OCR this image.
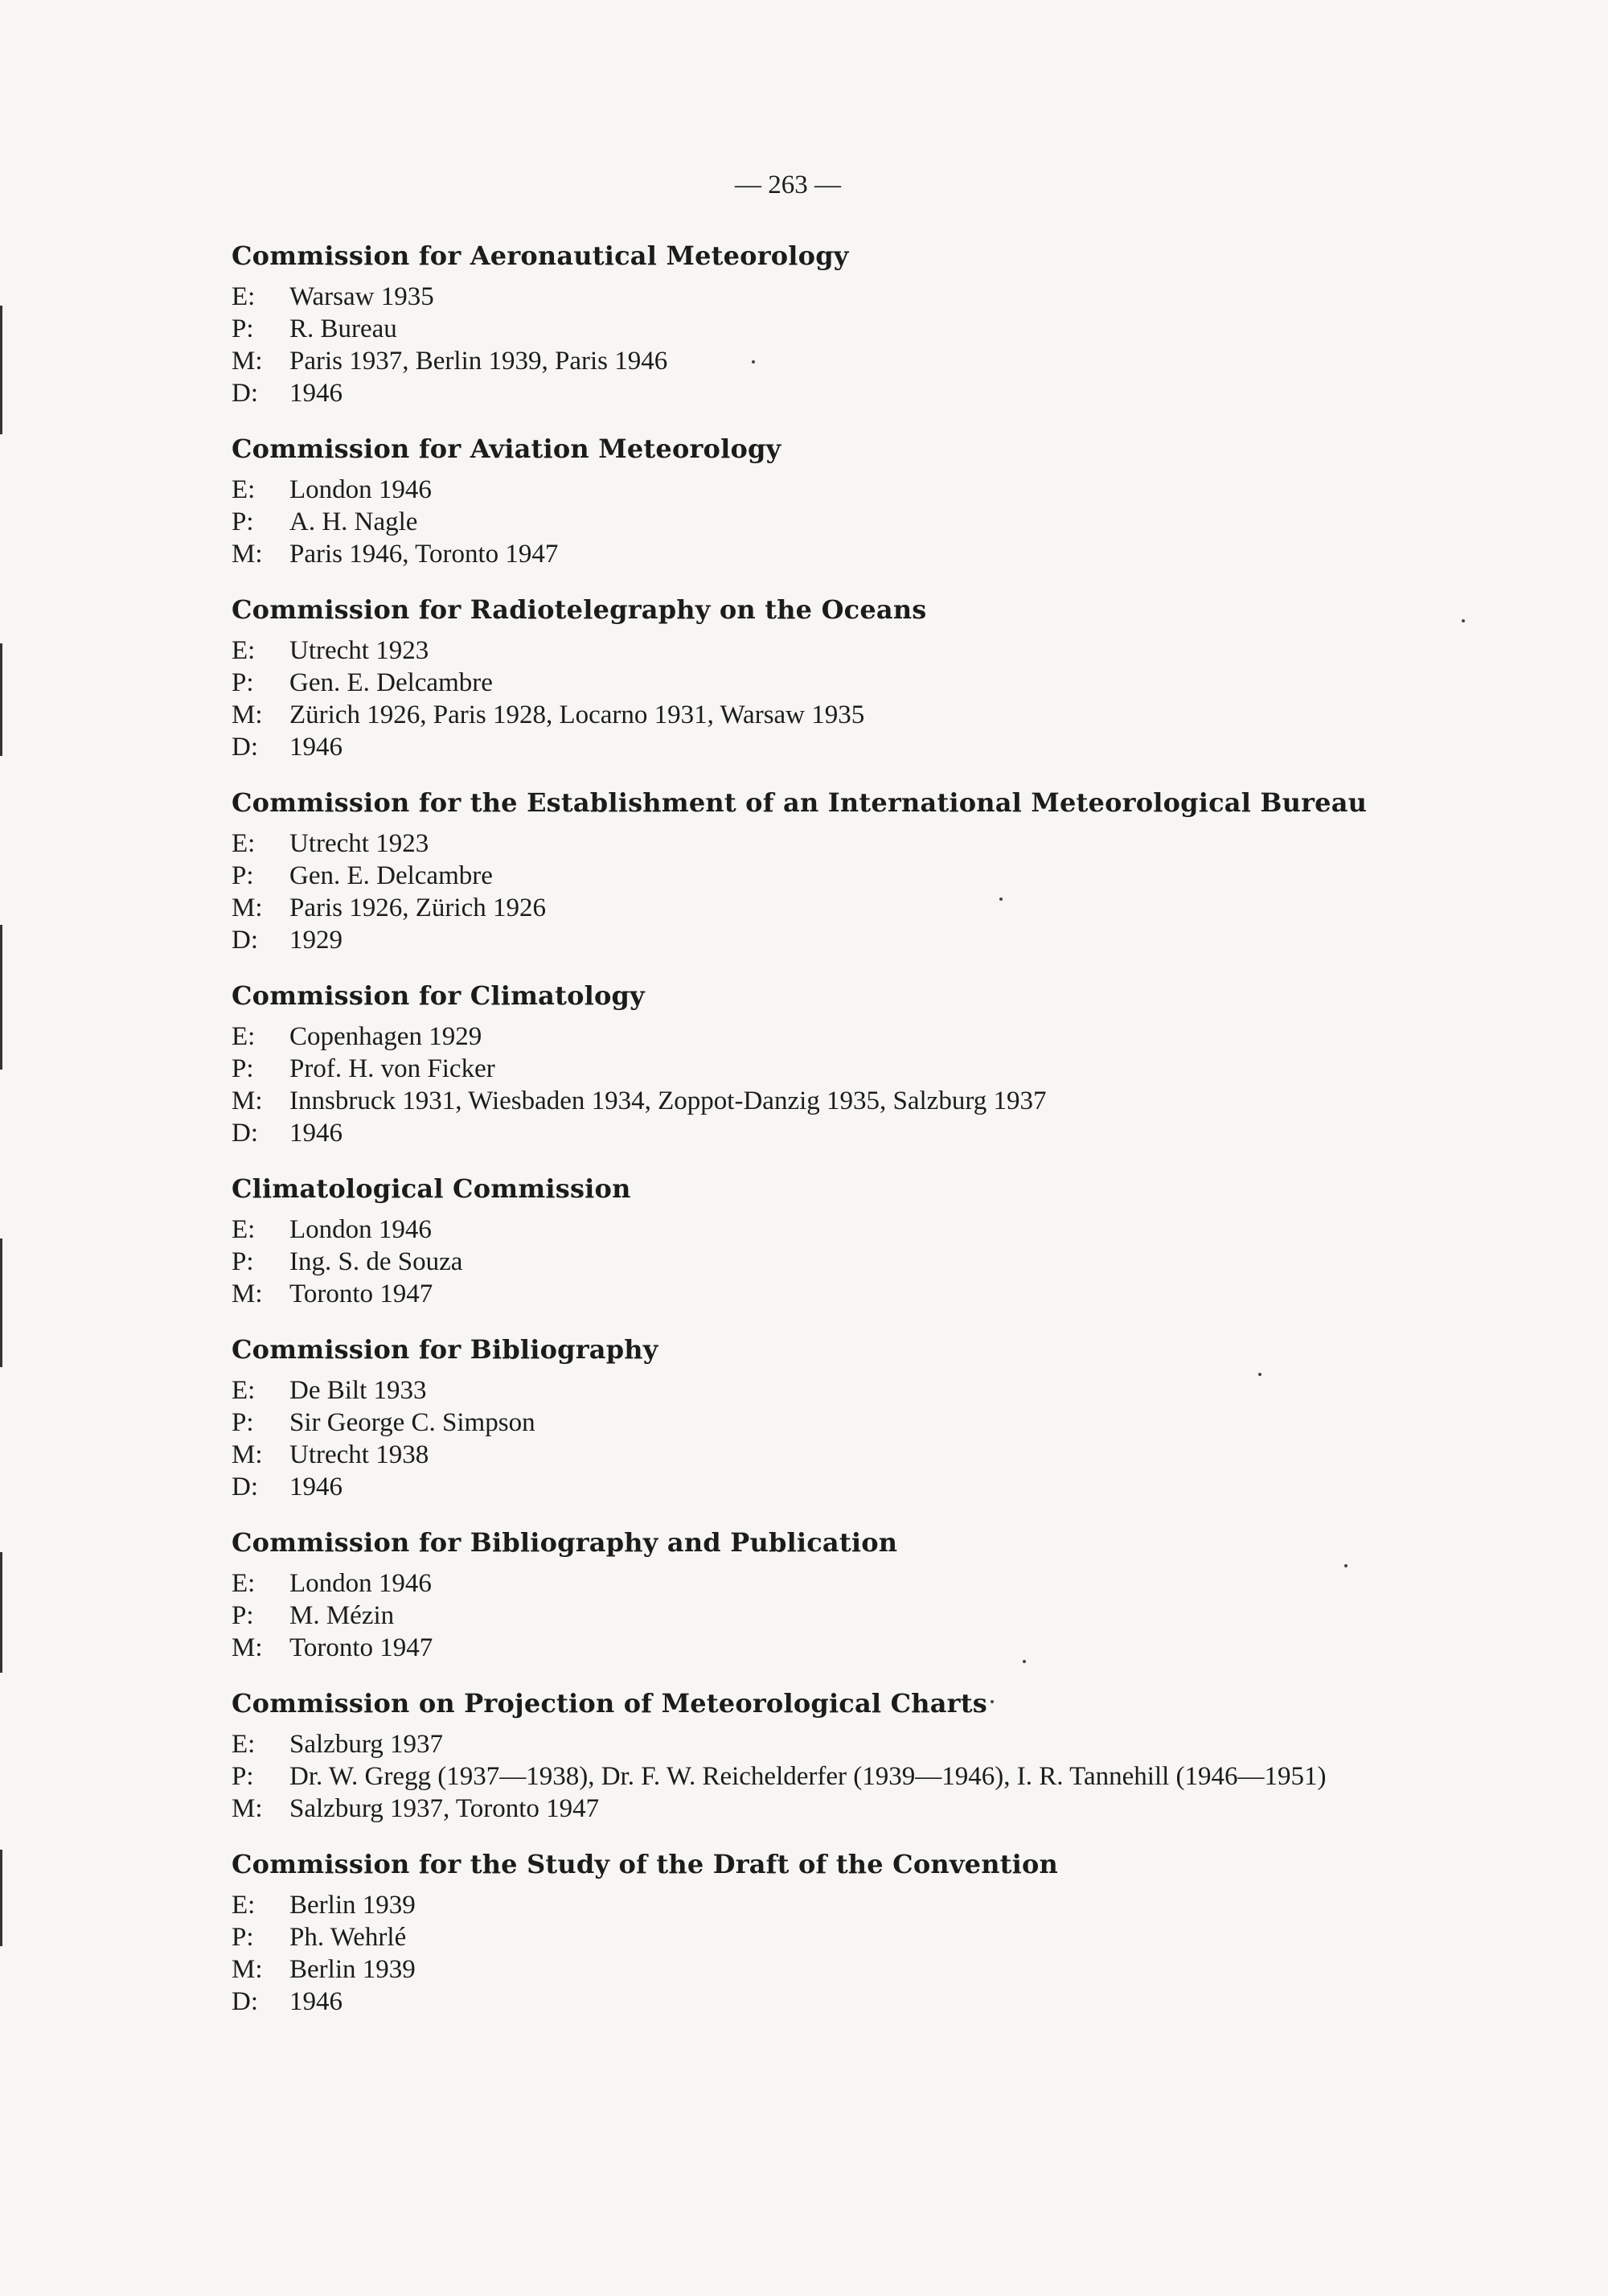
— 263 —
Commission for Aeronautical Meteorology
E:	Warsaw 1935
P:	R. Bureau
M:	Paris 1937, Berlin 1939, Paris 1946
D:	1946
Commission for Aviation Meteorology
E:	London 1946
P:	A. H. Nagle
M:	Paris 1946, Toronto 1947
Commission for Radiotelegraphy on the Oceans
E:	Utrecht 1923
P:	Gen. E. Delcambre
M:	Zürich 1926, Paris 1928, Locarno 1931, Warsaw 1935
D:	1946
Commission for the Establishment of an International Meteorological Bureau
E:	Utrecht 1923
P:	Gen. E. Delcambre
M:	Paris 1926, Zürich 1926
D:	1929
Commission for Climatology
E:	Copenhagen 1929
P:	Prof. H. von Ficker
M:	Innsbruck 1931, Wiesbaden 1934, Zoppot-Danzig 1935, Salzburg 1937
D:	1946
Climatological Commission
E:	London 1946
P:	Ing. S. de Souza
M:	Toronto 1947
Commission for Bibliography
E:	De Bilt 1933
P:	Sir George C. Simpson
M:	Utrecht 1938
D:	1946
Commission for Bibliography and Publication
E:	London 1946
P:	M. Mézin
M:	Toronto 1947
Commission on Projection of Meteorological Charts
E:	Salzburg 1937
P:	Dr. W. Gregg (1937—1938), Dr. F. W. Reichelderfer (1939—1946), I. R. Tannehill (1946—1951)
M:	Salzburg 1937, Toronto 1947
Commission for the Study of the Draft of the Convention
E:	Berlin 1939
P:	Ph. Wehrlé
M:	Berlin 1939
D:	1946
